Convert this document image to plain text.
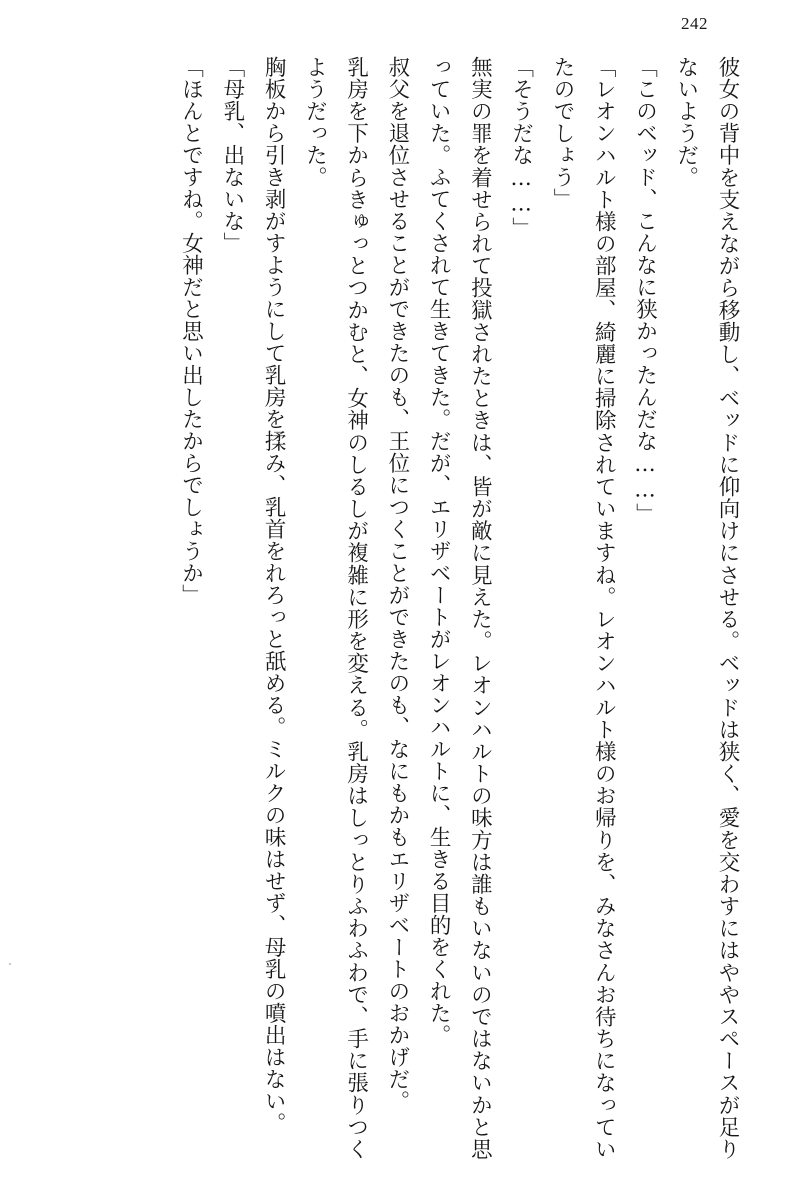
242
彼女の背中を支えながら移動し、ベッドに仰向けにさせる。ベッドは狭く、愛を交わすにはややスペースが足りないようだ。
「このベッド、こんなに狭かったんだな……」
「レオンハルト様の部屋、綺麗に掃除されていますね。レオンハルト様のお帰りを、みなさんお待ちになっていたのでしょう」
「そうだな……」
無実の罪を着せられて投獄されたときは、皆が敵に見えた。レオンハルトの味方は誰もいないのではないかと思っていた。ふてくされて生きてきた。だが、エリザベートがレオンハルトに、生きる目的をくれた。
叔父を退位させることができたのも、王位につくことができたのも、なにもかもエリザベートのおかげだ。
乳房を下からきゅっとつかむと、女神のしるしが複雑に形を変える。乳房はしっとりふわふわで、手に張りつくようだった。
胸板から引き剥がすようにして乳房を揉み、乳首をれろっと舐める。ミルクの味はせず、母乳の噴出はない。
「母乳、出ないな」
「ほんとですね。女神だと思い出したからでしょうか」
